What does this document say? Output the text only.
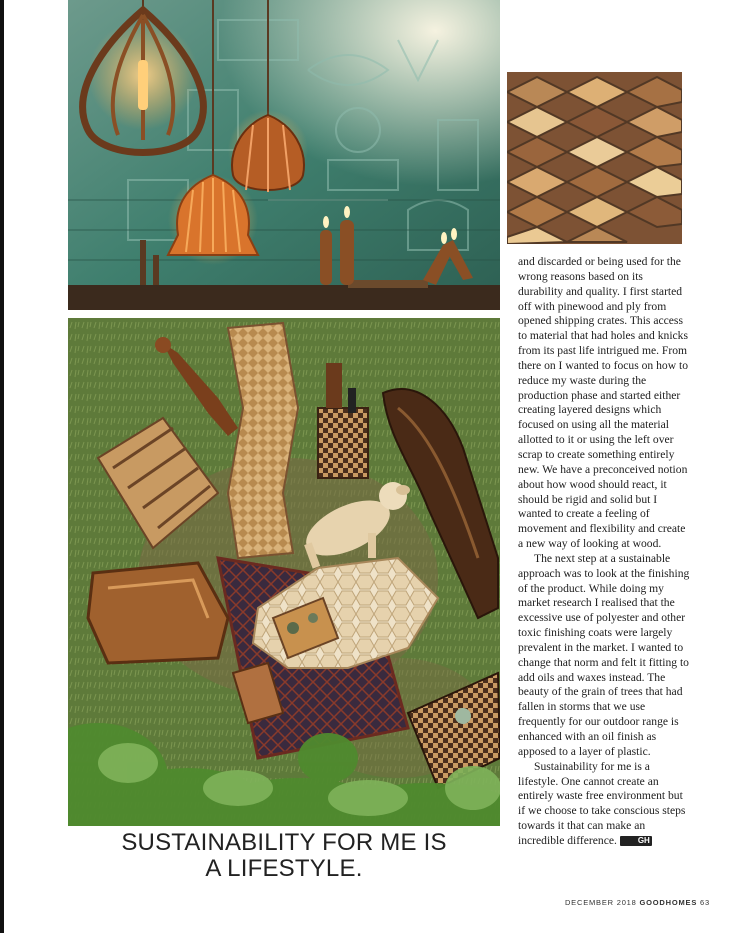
and discarded or being used for the wrong reasons based on its durability and quality. I first started off with pinewood and ply from opened shipping crates. This access to material that had holes and knicks from its past life intrigued me. From there on I wanted to focus on how to reduce my waste during the production phase and started either creating layered designs which focused on using all the material allotted to it or using the left over scrap to create something entirely new. We have a preconceived notion about how wood should react, it should be rigid and solid but I wanted to create a feeling of movement and flexibility and create a new way of looking at wood.

The next step at a sustainable approach was to look at the finishing of the product. While doing my market research I realised that the excessive use of polyester and other toxic finishing coats were largely prevalent in the market. I wanted to change that norm and felt it fitting to add oils and waxes instead. The beauty of the grain of trees that had fallen in storms that we use frequently for our outdoor range is enhanced with an oil finish as apposed to a layer of plastic.

Sustainability for me is a lifestyle. One cannot create an entirely waste free environment but if we choose to take conscious steps towards it that can make an incredible difference.	GH

SUSTAINABILITY FOR ME IS
A LIFESTYLE.
DECEMBER 2018 GOODHOMES 63
